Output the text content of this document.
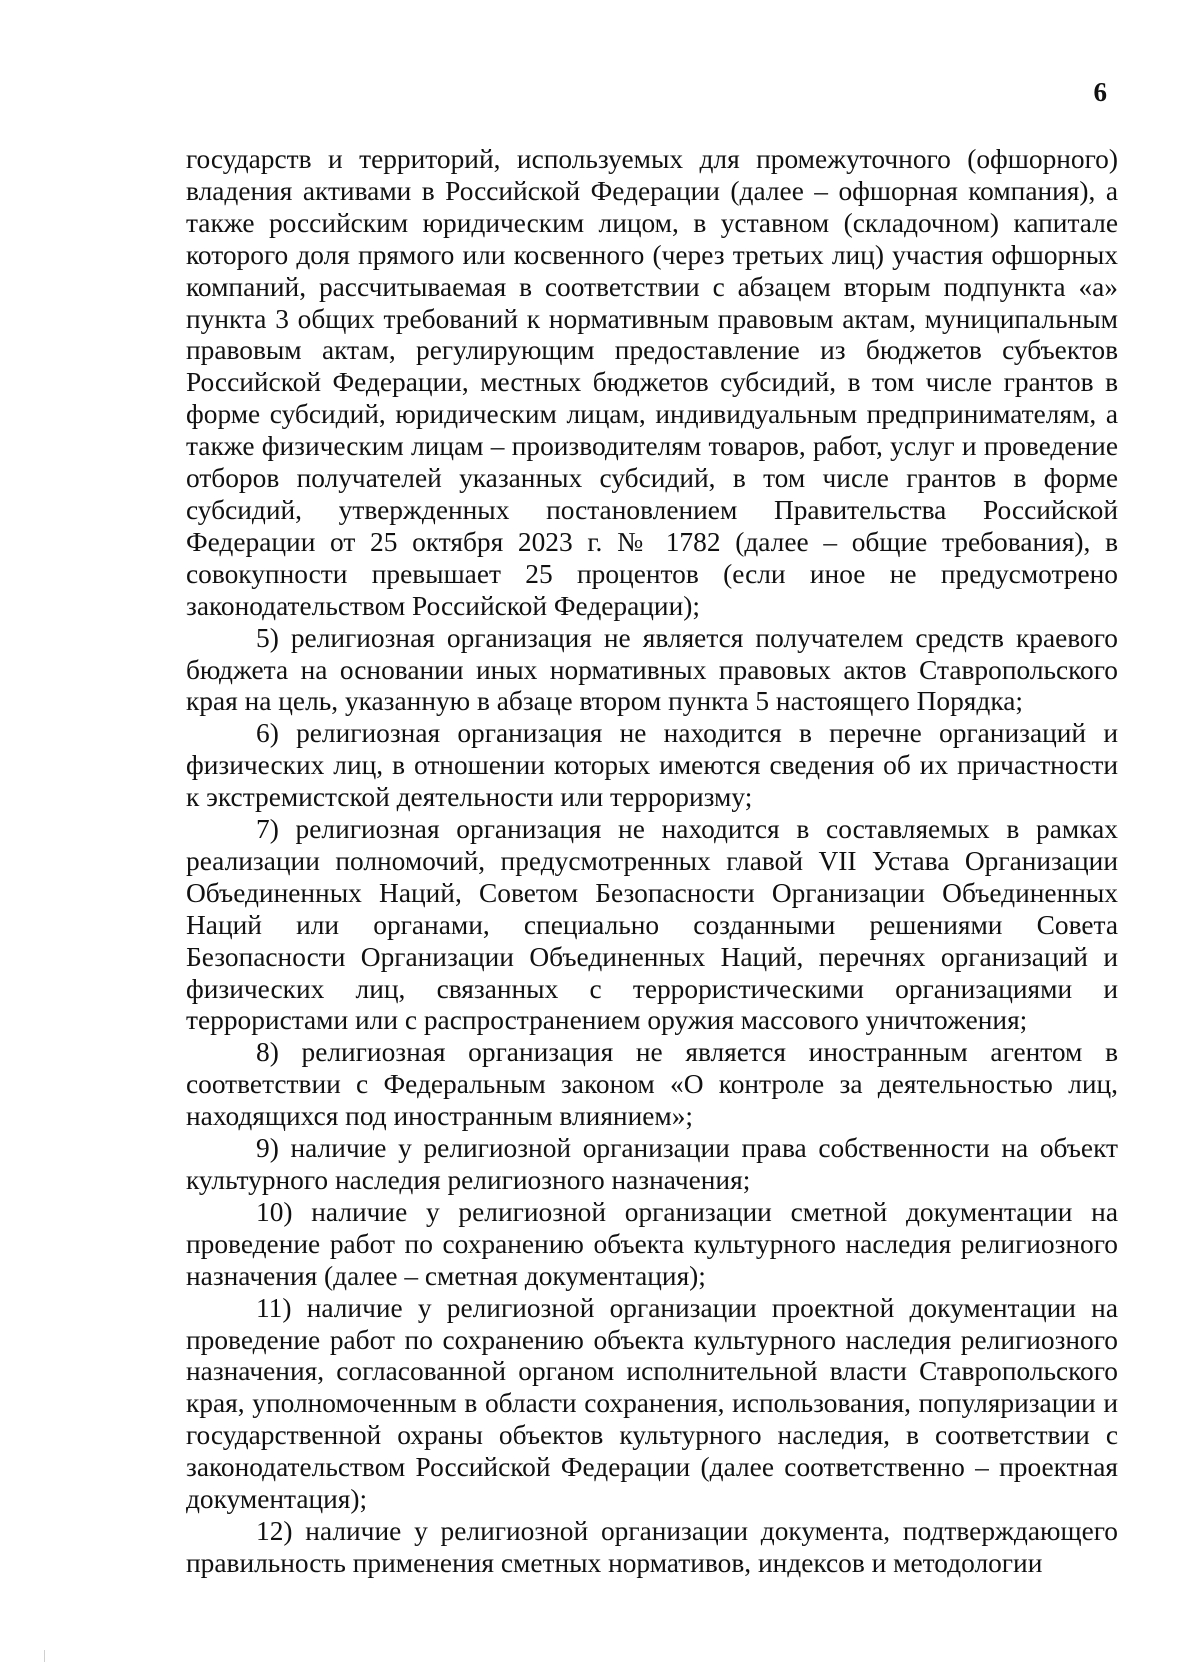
6

государств и территорий, используемых для промежуточного (офшорного) владения активами в Российской Федерации (далее – офшорная компания), а также российским юридическим лицом, в уставном (складочном) капитале которого доля прямого или косвенного (через третьих лиц) участия офшорных компаний, рассчитываемая в соответствии с абзацем вторым подпункта «а» пункта 3 общих требований к нормативным правовым актам, муниципальным правовым актам, регулирующим предоставление из бюджетов субъектов Российской Федерации, местных бюджетов субсидий, в том числе грантов в форме субсидий, юридическим лицам, индивидуальным предпринимателям, а также физическим лицам – производителям товаров, работ, услуг и проведение отборов получателей указанных субсидий, в том числе грантов в форме субсидий, утвержденных постановлением Правительства Российской Федерации от 25 октября 2023 г. № 1782 (далее – общие требования), в совокупности превышает 25 процентов (если иное не предусмотрено законодательством Российской Федерации);

5) религиозная организация не является получателем средств краевого бюджета на основании иных нормативных правовых актов Ставропольского края на цель, указанную в абзаце втором пункта 5 настоящего Порядка;

6) религиозная организация не находится в перечне организаций и физических лиц, в отношении которых имеются сведения об их причастности к экстремистской деятельности или терроризму;

7) религиозная организация не находится в составляемых в рамках реализации полномочий, предусмотренных главой VII Устава Организации Объединенных Наций, Советом Безопасности Организации Объединенных Наций или органами, специально созданными решениями Совета Безопасности Организации Объединенных Наций, перечнях организаций и физических лиц, связанных с террористическими организациями и террористами или с распространением оружия массового уничтожения;

8) религиозная организация не является иностранным агентом в соответствии с Федеральным законом «О контроле за деятельностью лиц, находящихся под иностранным влиянием»;

9) наличие у религиозной организации права собственности на объект культурного наследия религиозного назначения;

10) наличие у религиозной организации сметной документации на проведение работ по сохранению объекта культурного наследия религиозного назначения (далее – сметная документация);

11) наличие у религиозной организации проектной документации на проведение работ по сохранению объекта культурного наследия религиозного назначения, согласованной органом исполнительной власти Ставропольского края, уполномоченным в области сохранения, использования, популяризации и государственной охраны объектов культурного наследия, в соответствии с законодательством Российской Федерации (далее соответственно – проектная документация);

12) наличие у религиозной организации документа, подтверждающего правильность применения сметных нормативов, индексов и методологии
